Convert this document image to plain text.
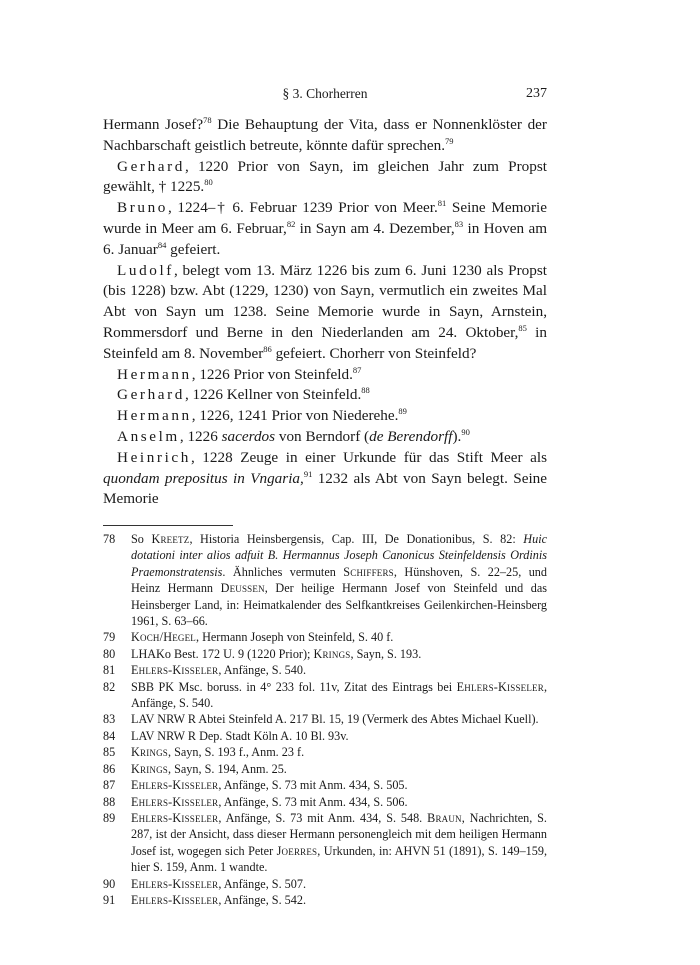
§ 3. Chorherren	237

Hermann Josef?$^{78}$ Die Behauptung der Vita, dass er Nonnenklöster der Nachbarschaft geistlich betreute, könnte dafür sprechen.$^{79}$

Gerhard, 1220 Prior von Sayn, im gleichen Jahr zum Propst gewählt, † 1225.80

Bruno, 1224–† 6. Februar 1239 Prior von Meer.$^{81}$ Seine Memorie wurde in Meer am 6. Februar,$^{82}$ in Sayn am 4. Dezember,$^{83}$ in Hoven am 6. Januar$^{84}$ gefeiert.

Ludolf, belegt vom 13. März 1226 bis zum 6. Juni 1230 als Propst (bis 1228) bzw. Abt (1229, 1230) von Sayn, vermutlich ein zweites Mal Abt von Sayn um 1238. Seine Memorie wurde in Sayn, Arnstein, Rommersdorf und Berne in den Niederlanden am 24. Oktober,$^{85}$ in Steinfeld am 8. November$^{86}$ gefeiert. Chorherr von Steinfeld?

Hermann, 1226 Prior von Steinfeld.$^{87}$

Gerhard, 1226 Kellner von Steinfeld.$^{88}$

Hermann, 1226, 1241 Prior von Niederehe.$^{89}$

Anselm, 1226 sacerdos von Berndorf (de Berendorff).$^{90}$

Heinrich, 1228 Zeuge in einer Urkunde für das Stift Meer als quondam prepositus in Vngaria,$^{91}$ 1232 als Abt von Sayn belegt. Seine Memorie

78 So Kreetz, Historia Heinsbergensis, Cap. III, De Donationibus, S. 82: Huic dotationi inter alios adfuit B. Hermannus Joseph Canonicus Steinfeldensis Ordinis Praemonstratensis. Ähnliches vermuten Schiffers, Hünshoven, S. 22–25, und Heinz Hermann Deussen, Der heilige Hermann Josef von Steinfeld und das Heinsberger Land, in: Heimatkalender des Selfkantkreises Geilenkirchen-Heinsberg 1961, S. 63–66.
79 Koch/Hegel, Hermann Joseph von Steinfeld, S. 40 f.
80 LHAKo Best. 172 U. 9 (1220 Prior); Krings, Sayn, S. 193.
81 Ehlers-Kisseler, Anfänge, S. 540.
82 SBB PK Msc. boruss. in 4° 233 fol. 11v, Zitat des Eintrags bei Ehlers-Kisseler, Anfänge, S. 540.
83 LAV NRW R Abtei Steinfeld A. 217 Bl. 15, 19 (Vermerk des Abtes Michael Kuell).
84 LAV NRW R Dep. Stadt Köln A. 10 Bl. 93v.
85 Krings, Sayn, S. 193 f., Anm. 23 f.
86 Krings, Sayn, S. 194, Anm. 25.
87 Ehlers-Kisseler, Anfänge, S. 73 mit Anm. 434, S. 505.
88 Ehlers-Kisseler, Anfänge, S. 73 mit Anm. 434, S. 506.
89 Ehlers-Kisseler, Anfänge, S. 73 mit Anm. 434, S. 548. Braun, Nachrichten, S. 287, ist der Ansicht, dass dieser Hermann personengleich mit dem heiligen Hermann Josef ist, wogegen sich Peter Joerres, Urkunden, in: AHVN 51 (1891), S. 149–159, hier S. 159, Anm. 1 wandte.
90 Ehlers-Kisseler, Anfänge, S. 507.
91 Ehlers-Kisseler, Anfänge, S. 542.
